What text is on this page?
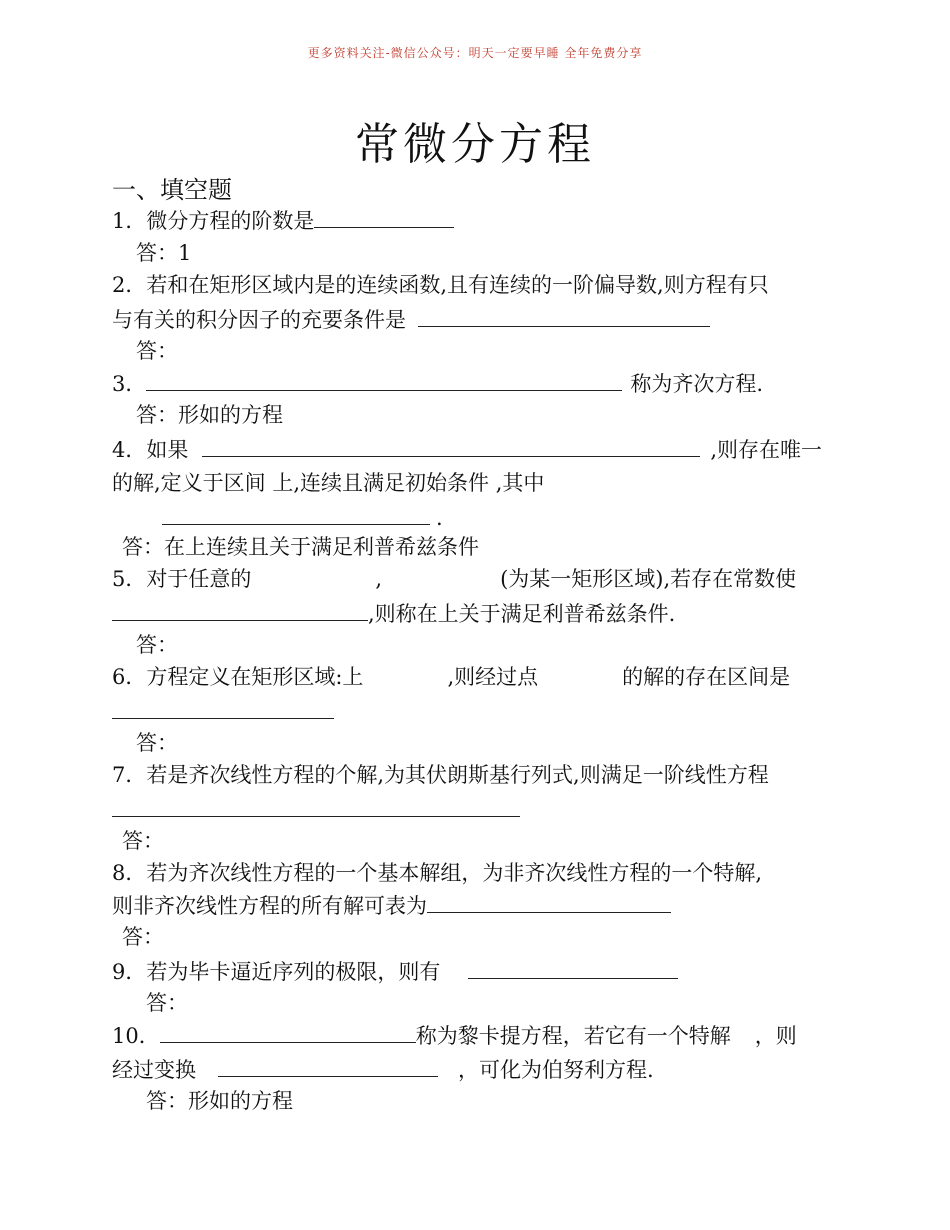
更多资料关注-微信公众号：明天一定要早睡 全年免费分享
常微分方程
一、填空题
1．微分方程的阶数是
答：1
2．若和在矩形区域内是的连续函数,且有连续的一阶偏导数,则方程有只
与有关的积分因子的充要条件是
答：
3．	称为齐次方程.
答：形如的方程
4．如果	,则存在唯一
的解,定义于区间 上,连续且满足初始条件 ,其中
.
答：在上连续且关于满足利普希兹条件
5．对于任意的	,	(为某一矩形区域),若存在常数使
,则称在上关于满足利普希兹条件.
答：
6．方程定义在矩形区域:上	,则经过点	的解的存在区间是
答：
7．若是齐次线性方程的个解,为其伏朗斯基行列式,则满足一阶线性方程
答：
8．若为齐次线性方程的一个基本解组，为非齐次线性方程的一个特解,
则非齐次线性方程的所有解可表为
答：
9．若为毕卡逼近序列的极限，则有
答：
10．	称为黎卡提方程，若它有一个特解 ，则
经过变换	，可化为伯努利方程.
答：形如的方程
